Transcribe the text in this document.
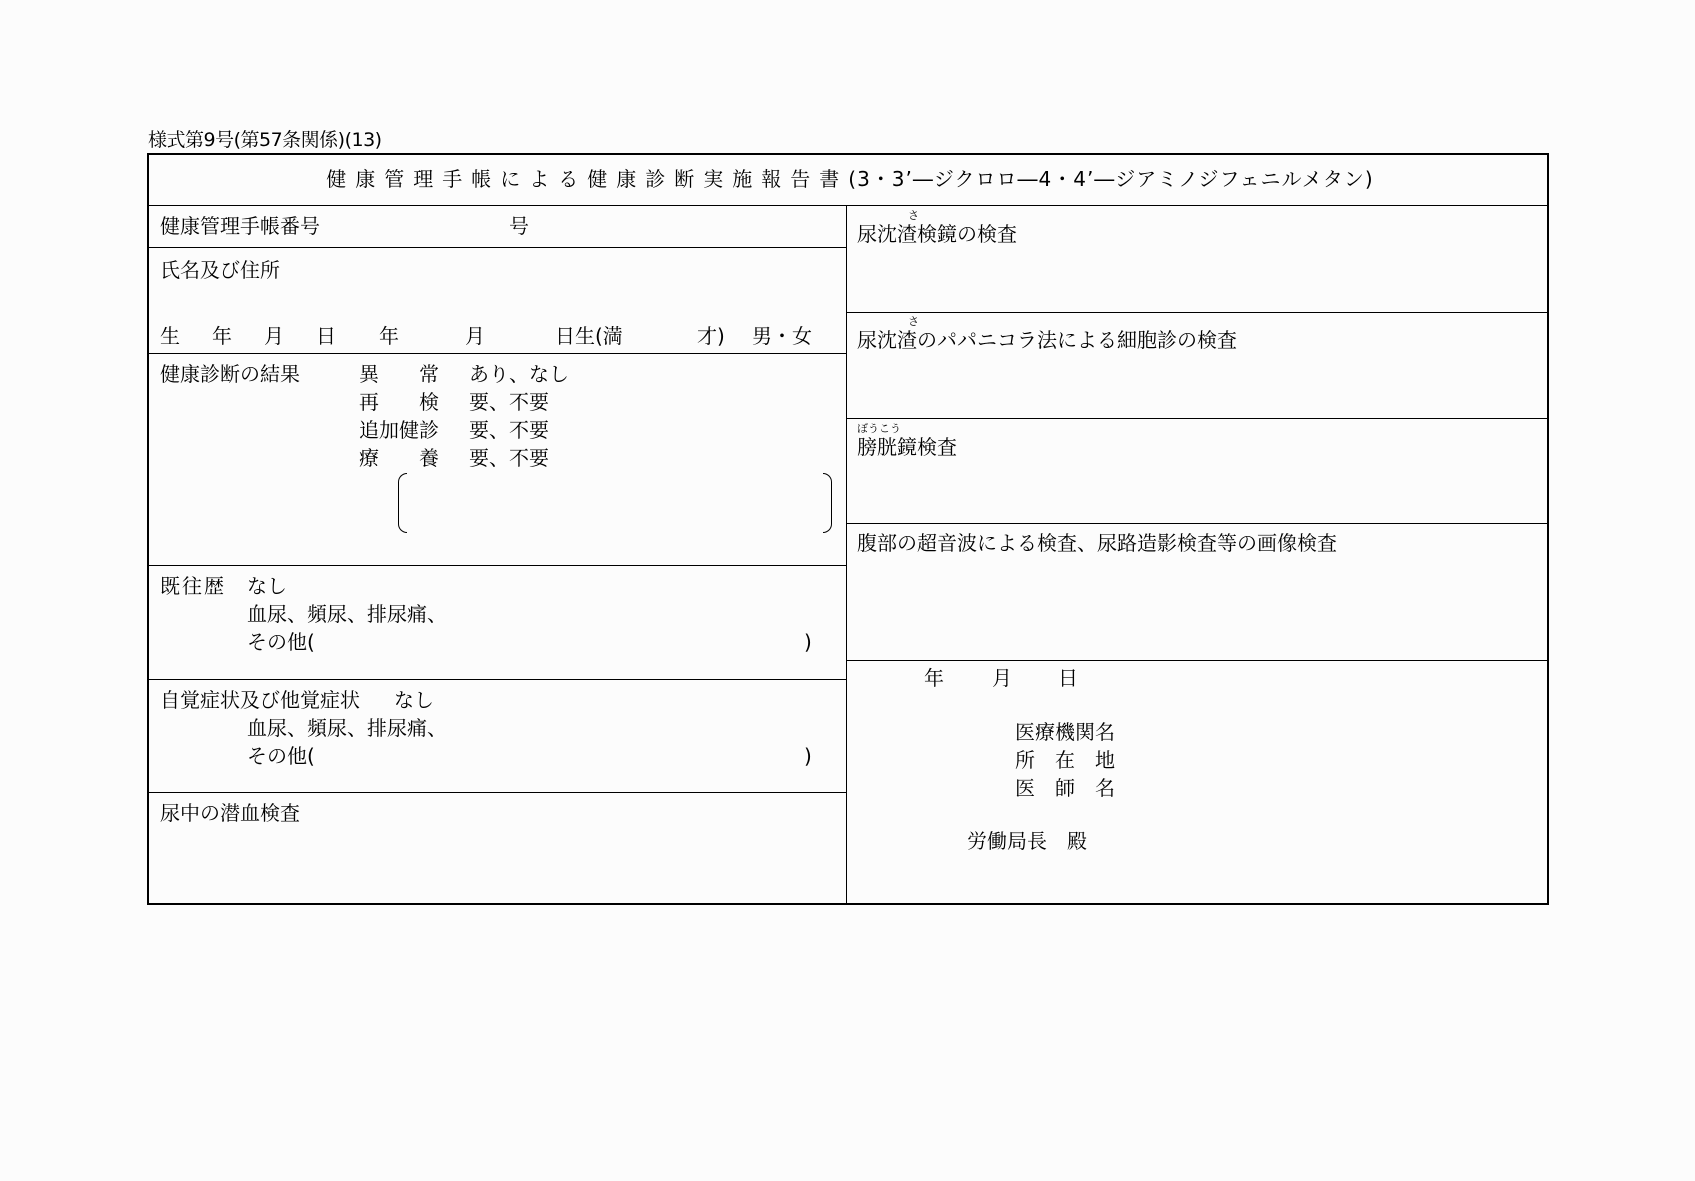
様式第9号(第57条関係)(13)
健康管理手帳による健康診断実施報告書(3・3’―ジクロロ―4・4’―ジアミノジフェニルメタン)
健康管理手帳番号	号
氏名及び住所
生　年　月　日 年	月	日生(満	才) 男・女
健康診断の結果	異　　常 あり、なし
再　　検 要、不要
追加健診 要、不要
療　　養 要、不要
既往歴 なし
血尿、頻尿、排尿痛、
その他(	)
自覚症状及び他覚症状 なし
血尿、頻尿、排尿痛、
その他(	)
尿中の潜血検査
さ
尿沈渣検鏡の検査
さ
尿沈渣のパパニコラ法による細胞診の検査
ぼうこう
膀胱鏡検査
腹部の超音波による検査、尿路造影検査等の画像検査
年 月 日
医療機関名
所　在　地
医　師　名
労働局長　殿
